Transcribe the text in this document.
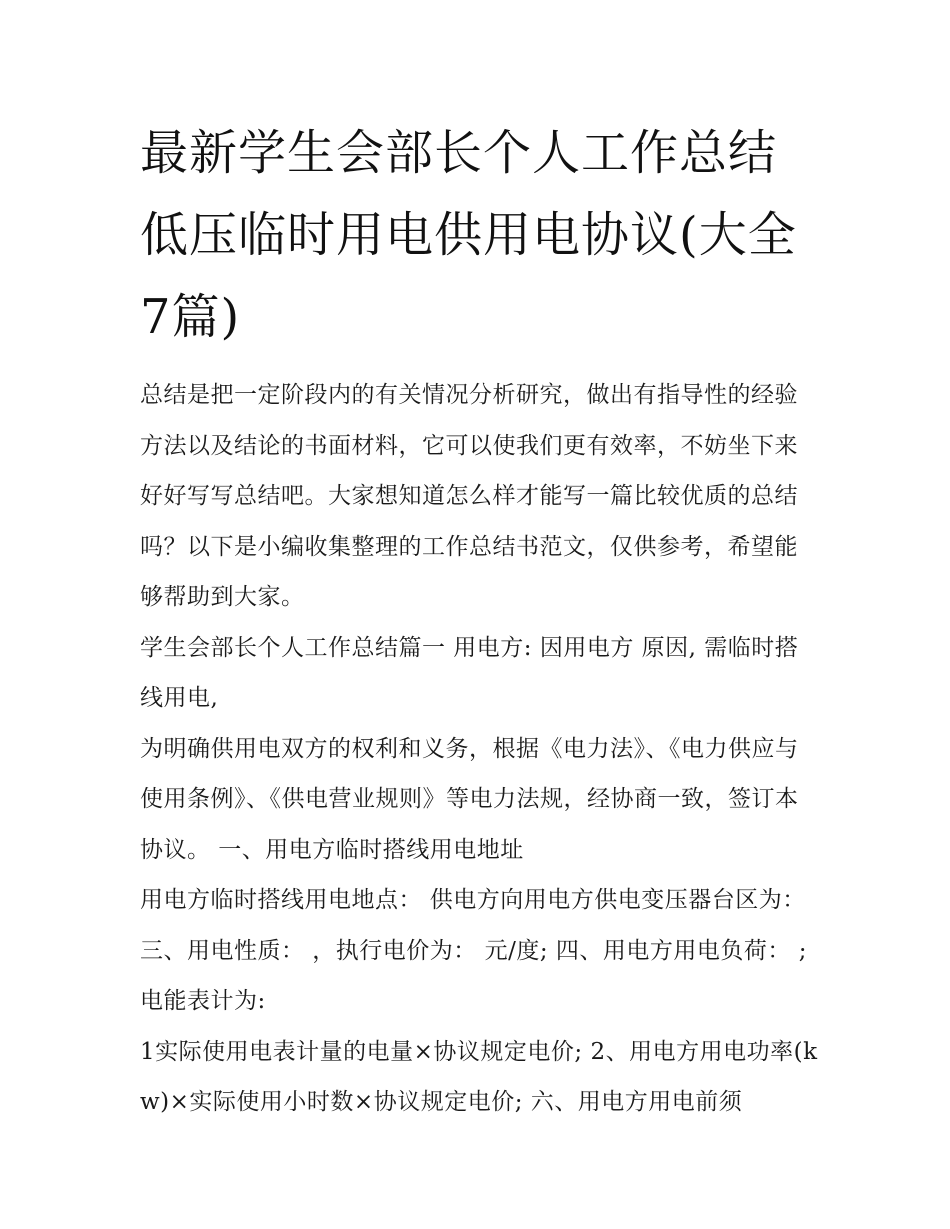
最新学生会部长个人工作总结低压临时用电供用电协议(大全7篇)

总结是把一定阶段内的有关情况分析研究，做出有指导性的经验方法以及结论的书面材料，它可以使我们更有效率，不妨坐下来好好写写总结吧。大家想知道怎么样才能写一篇比较优质的总结吗？以下是小编收集整理的工作总结书范文，仅供参考，希望能够帮助到大家。

学生会部长个人工作总结篇一 用电方: 因用电方 原因, 需临时搭线用电,

为明确供用电双方的权利和义务，根据《电力法》、《电力供应与使用条例》、《供电营业规则》等电力法规，经协商一致，签订本协议。 一、用电方临时搭线用电地址

用电方临时搭线用电地点： 供电方向用电方供电变压器台区为： 三、用电性质： ，执行电价为： 元/度; 四、用电方用电负荷： ;电能表计为:

1实际使用电表计量的电量×协议规定电价; 2、用电方用电功率(kw)×实际使用小时数×协议规定电价; 六、用电方用电前须
